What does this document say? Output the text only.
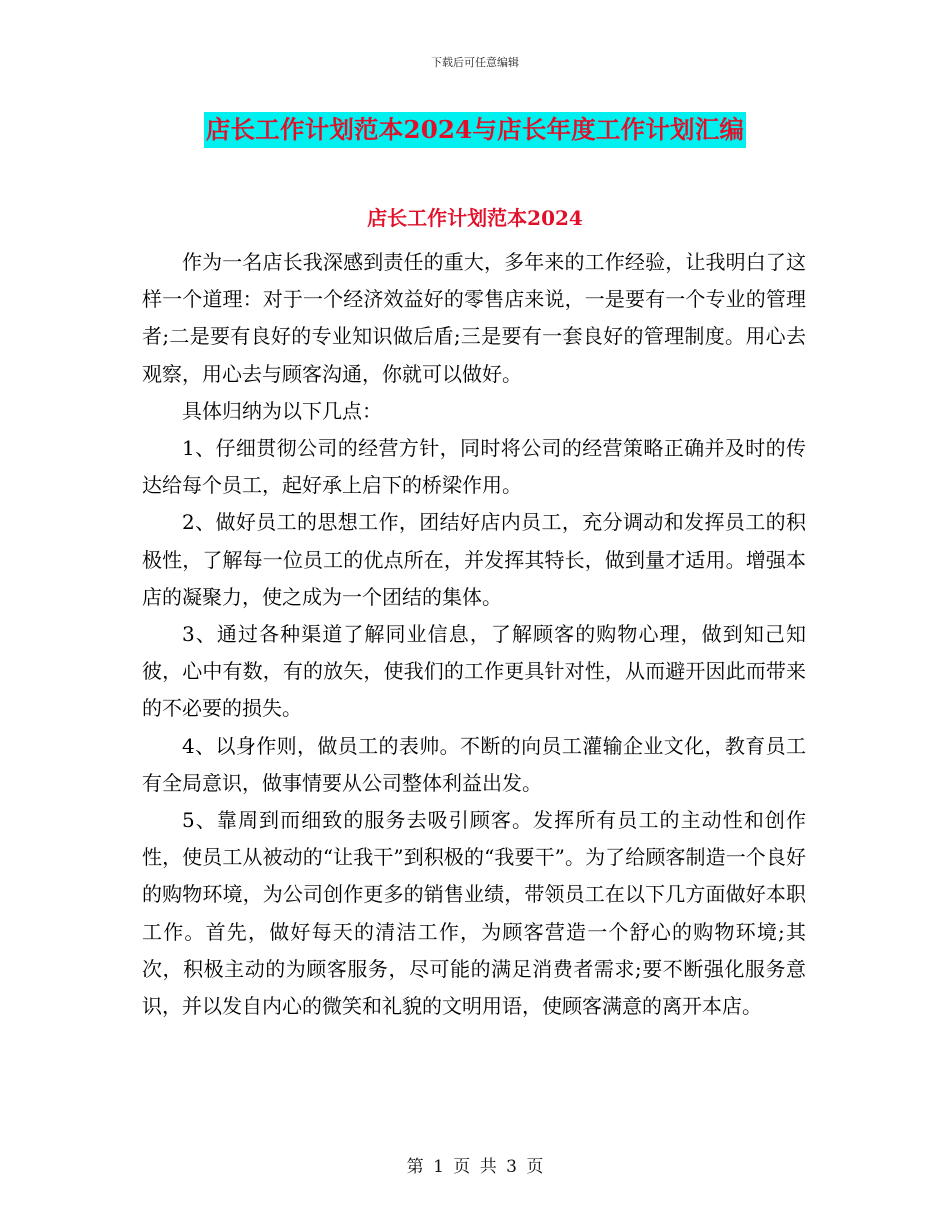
下载后可任意编辑
店长工作计划范本2024与店长年度工作计划汇编
店长工作计划范本2024

作为一名店长我深感到责任的重大，多年来的工作经验，让我明白了这样一个道理：对于一个经济效益好的零售店来说，一是要有一个专业的管理者;二是要有良好的专业知识做后盾;三是要有一套良好的管理制度。用心去观察，用心去与顾客沟通，你就可以做好。

具体归纳为以下几点：

1、仔细贯彻公司的经营方针，同时将公司的经营策略正确并及时的传达给每个员工，起好承上启下的桥梁作用。

2、做好员工的思想工作，团结好店内员工，充分调动和发挥员工的积极性，了解每一位员工的优点所在，并发挥其特长，做到量才适用。增强本店的凝聚力，使之成为一个团结的集体。

3、通过各种渠道了解同业信息，了解顾客的购物心理，做到知己知彼，心中有数，有的放矢，使我们的工作更具针对性，从而避开因此而带来的不必要的损失。

4、以身作则，做员工的表帅。不断的向员工灌输企业文化，教育员工有全局意识，做事情要从公司整体利益出发。

5、靠周到而细致的服务去吸引顾客。发挥所有员工的主动性和创作性，使员工从被动的“让我干”到积极的“我要干”。为了给顾客制造一个良好的购物环境，为公司创作更多的销售业绩，带领员工在以下几方面做好本职工作。首先，做好每天的清洁工作，为顾客营造一个舒心的购物环境;其次，积极主动的为顾客服务，尽可能的满足消费者需求;要不断强化服务意识，并以发自内心的微笑和礼貌的文明用语，使顾客满意的离开本店。

第 1 页 共 3 页
